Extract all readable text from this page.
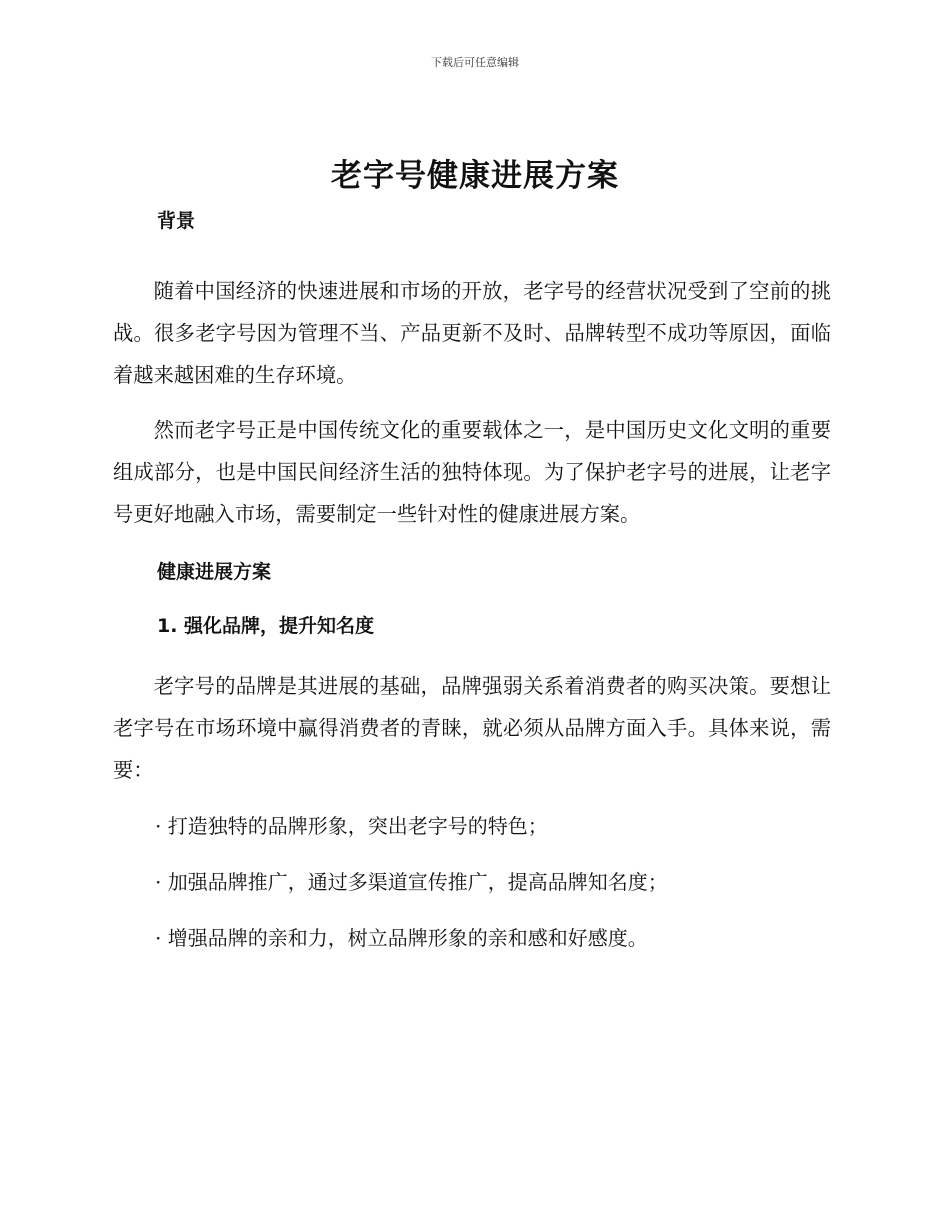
下载后可任意编辑
老字号健康进展方案
背景

随着中国经济的快速进展和市场的开放，老字号的经营状况受到了空前的挑战。很多老字号因为管理不当、产品更新不及时、品牌转型不成功等原因，面临着越来越困难的生存环境。

然而老字号正是中国传统文化的重要载体之一，是中国历史文化文明的重要组成部分，也是中国民间经济生活的独特体现。为了保护老字号的进展，让老字号更好地融入市场，需要制定一些针对性的健康进展方案。

健康进展方案
1. 强化品牌，提升知名度

老字号的品牌是其进展的基础，品牌强弱关系着消费者的购买决策。要想让老字号在市场环境中赢得消费者的青睐，就必须从品牌方面入手。具体来说，需要：

· 打造独特的品牌形象，突出老字号的特色；
· 加强品牌推广，通过多渠道宣传推广，提高品牌知名度；
· 增强品牌的亲和力，树立品牌形象的亲和感和好感度。
